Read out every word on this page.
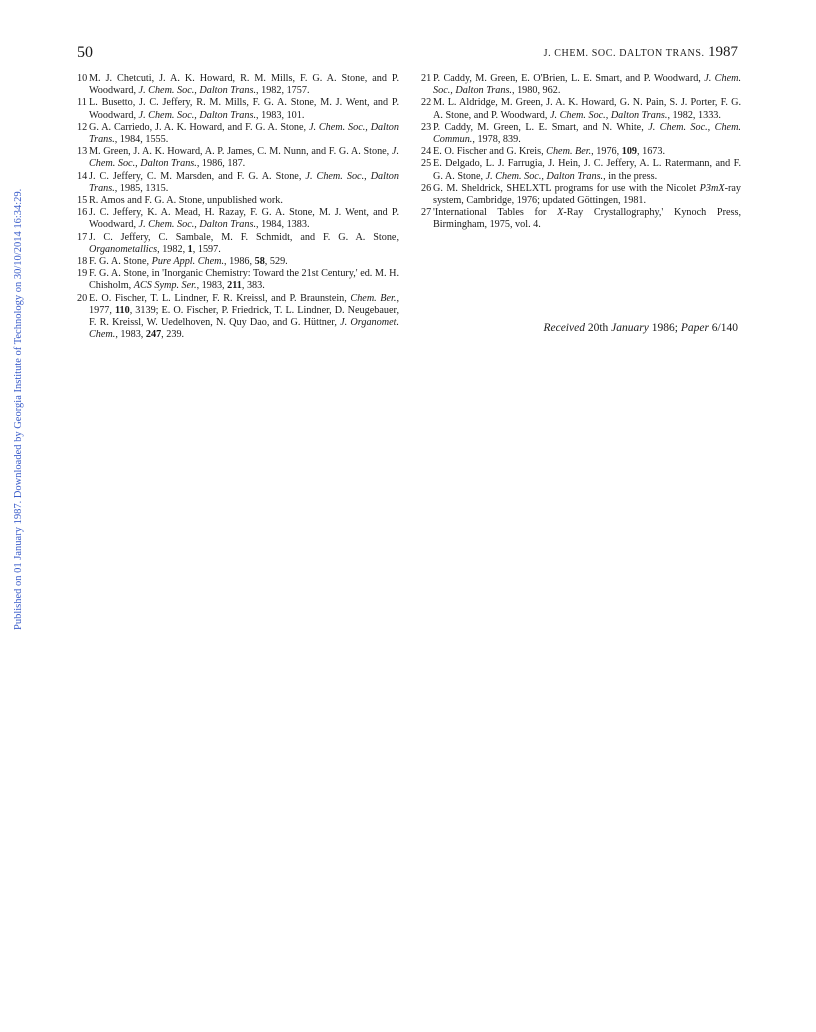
50	J. CHEM. SOC. DALTON TRANS. 1987
Published on 01 January 1987. Downloaded by Georgia Institute of Technology on 30/10/2014 16:34:29.

10 M. J. Chetcuti, J. A. K. Howard, R. M. Mills, F. G. A. Stone, and P. Woodward, J. Chem. Soc., Dalton Trans., 1982, 1757.

11 L. Busetto, J. C. Jeffery, R. M. Mills, F. G. A. Stone, M. J. Went, and P. Woodward, J. Chem. Soc., Dalton Trans., 1983, 101.

12 G. A. Carriedo, J. A. K. Howard, and F. G. A. Stone, J. Chem. Soc., Dalton Trans., 1984, 1555.

13 M. Green, J. A. K. Howard, A. P. James, C. M. Nunn, and F. G. A. Stone, J. Chem. Soc., Dalton Trans., 1986, 187.

14 J. C. Jeffery, C. M. Marsden, and F. G. A. Stone, J. Chem. Soc., Dalton Trans., 1985, 1315.

15 R. Amos and F. G. A. Stone, unpublished work.

16 J. C. Jeffery, K. A. Mead, H. Razay, F. G. A. Stone, M. J. Went, and P. Woodward, J. Chem. Soc., Dalton Trans., 1984, 1383.

17 J. C. Jeffery, C. Sambale, M. F. Schmidt, and F. G. A. Stone, Organometallics, 1982, 1, 1597.

18 F. G. A. Stone, Pure Appl. Chem., 1986, 58, 529.

19 F. G. A. Stone, in 'Inorganic Chemistry: Toward the 21st Century,' ed. M. H. Chisholm, ACS Symp. Ser., 1983, 211, 383.

20 E. O. Fischer, T. L. Lindner, F. R. Kreissl, and P. Braunstein, Chem. Ber., 1977, 110, 3139; E. O. Fischer, P. Friedrick, T. L. Lindner, D. Neugebauer, F. R. Kreissl, W. Uedelhoven, N. Quy Dao, and G. Hüttner, J. Organomet. Chem., 1983, 247, 239.

21 P. Caddy, M. Green, E. O'Brien, L. E. Smart, and P. Woodward, J. Chem. Soc., Dalton Trans., 1980, 962.

22 M. L. Aldridge, M. Green, J. A. K. Howard, G. N. Pain, S. J. Porter, F. G. A. Stone, and P. Woodward, J. Chem. Soc., Dalton Trans., 1982, 1333.

23 P. Caddy, M. Green, L. E. Smart, and N. White, J. Chem. Soc., Chem. Commun., 1978, 839.

24 E. O. Fischer and G. Kreis, Chem. Ber., 1976, 109, 1673.

25 E. Delgado, L. J. Farrugia, J. Hein, J. C. Jeffery, A. L. Ratermann, and F. G. A. Stone, J. Chem. Soc., Dalton Trans., in the press.

26 G. M. Sheldrick, SHELXTL programs for use with the Nicolet P3mX-ray system, Cambridge, 1976; updated Göttingen, 1981.

27 'International Tables for X-Ray Crystallography,' Kynoch Press, Birmingham, 1975, vol. 4.

Received 20th January 1986; Paper 6/140
